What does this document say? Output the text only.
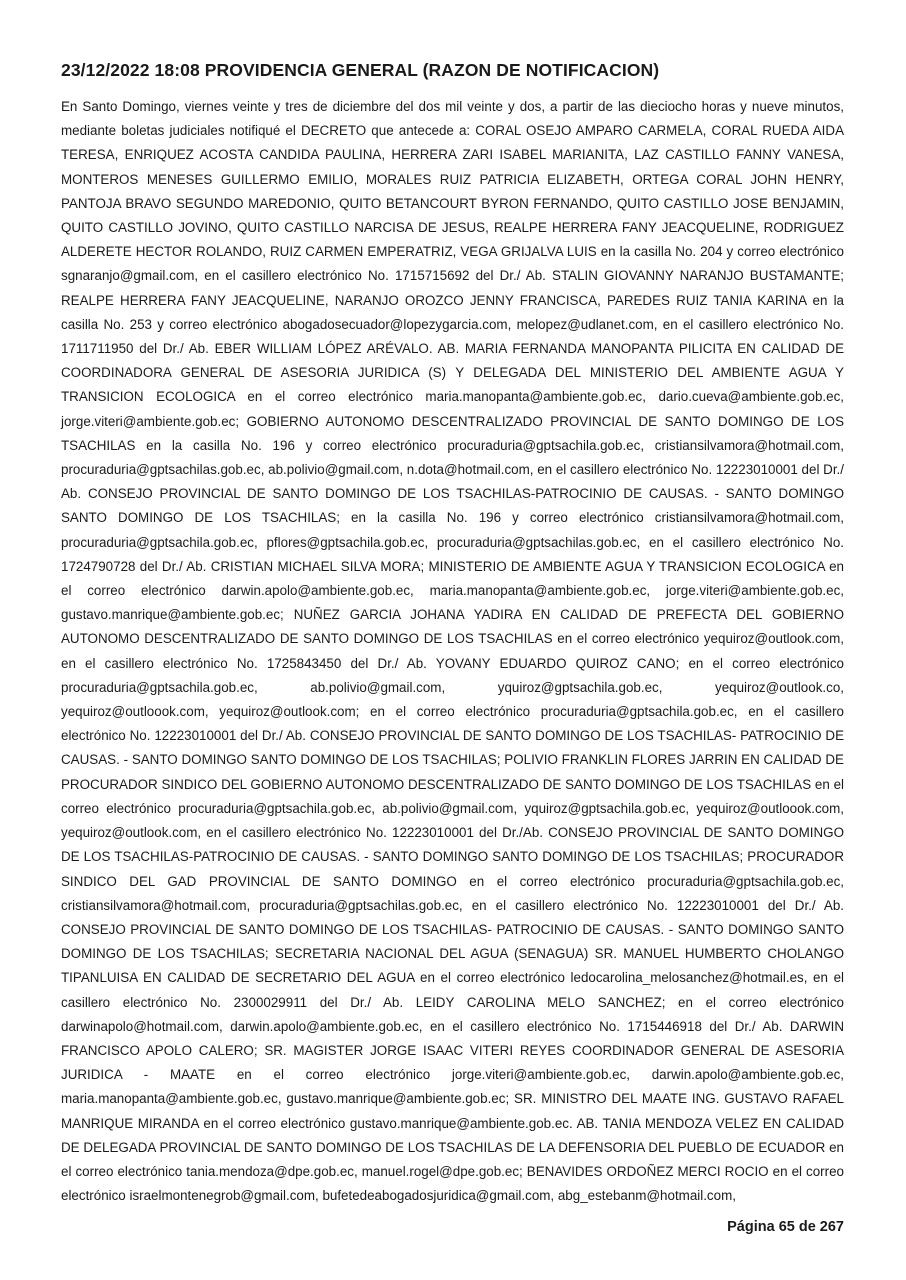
23/12/2022 18:08 PROVIDENCIA GENERAL (RAZON DE NOTIFICACION)

En Santo Domingo, viernes veinte y tres de diciembre del dos mil veinte y dos, a partir de las dieciocho horas y nueve minutos, mediante boletas judiciales notifiqué el DECRETO que antecede a: CORAL OSEJO AMPARO CARMELA, CORAL RUEDA AIDA TERESA, ENRIQUEZ ACOSTA CANDIDA PAULINA, HERRERA ZARI ISABEL MARIANITA, LAZ CASTILLO FANNY VANESA, MONTEROS MENESES GUILLERMO EMILIO, MORALES RUIZ PATRICIA ELIZABETH, ORTEGA CORAL JOHN HENRY, PANTOJA BRAVO SEGUNDO MAREDONIO, QUITO BETANCOURT BYRON FERNANDO, QUITO CASTILLO JOSE BENJAMIN, QUITO CASTILLO JOVINO, QUITO CASTILLO NARCISA DE JESUS, REALPE HERRERA FANY JEACQUELINE, RODRIGUEZ ALDERETE HECTOR ROLANDO, RUIZ CARMEN EMPERATRIZ, VEGA GRIJALVA LUIS en la casilla No. 204 y correo electrónico sgnaranjo@gmail.com, en el casillero electrónico No. 1715715692 del Dr./ Ab. STALIN GIOVANNY NARANJO BUSTAMANTE; REALPE HERRERA FANY JEACQUELINE, NARANJO OROZCO JENNY FRANCISCA, PAREDES RUIZ TANIA KARINA en la casilla No. 253 y correo electrónico abogadosecuador@lopezygarcia.com, melopez@udlanet.com, en el casillero electrónico No. 1711711950 del Dr./ Ab. EBER WILLIAM LÓPEZ ARÉVALO. AB. MARIA FERNANDA MANOPANTA PILICITA EN CALIDAD DE COORDINADORA GENERAL DE ASESORIA JURIDICA (S) Y DELEGADA DEL MINISTERIO DEL AMBIENTE AGUA Y TRANSICION ECOLOGICA en el correo electrónico maria.manopanta@ambiente.gob.ec, dario.cueva@ambiente.gob.ec, jorge.viteri@ambiente.gob.ec; GOBIERNO AUTONOMO DESCENTRALIZADO PROVINCIAL DE SANTO DOMINGO DE LOS TSACHILAS en la casilla No. 196 y correo electrónico procuraduria@gptsachila.gob.ec, cristiansilvamora@hotmail.com, procuraduria@gptsachilas.gob.ec, ab.polivio@gmail.com, n.dota@hotmail.com, en el casillero electrónico No. 12223010001 del Dr./ Ab. CONSEJO PROVINCIAL DE SANTO DOMINGO DE LOS TSACHILAS-PATROCINIO DE CAUSAS. - SANTO DOMINGO SANTO DOMINGO DE LOS TSACHILAS; en la casilla No. 196 y correo electrónico cristiansilvamora@hotmail.com, procuraduria@gptsachila.gob.ec, pflores@gptsachila.gob.ec, procuraduria@gptsachilas.gob.ec, en el casillero electrónico No. 1724790728 del Dr./ Ab. CRISTIAN MICHAEL SILVA MORA; MINISTERIO DE AMBIENTE AGUA Y TRANSICION ECOLOGICA en el correo electrónico darwin.apolo@ambiente.gob.ec, maria.manopanta@ambiente.gob.ec, jorge.viteri@ambiente.gob.ec, gustavo.manrique@ambiente.gob.ec; NUÑEZ GARCIA JOHANA YADIRA EN CALIDAD DE PREFECTA DEL GOBIERNO AUTONOMO DESCENTRALIZADO DE SANTO DOMINGO DE LOS TSACHILAS en el correo electrónico yequiroz@outlook.com, en el casillero electrónico No. 1725843450 del Dr./ Ab. YOVANY EDUARDO QUIROZ CANO; en el correo electrónico procuraduria@gptsachila.gob.ec, ab.polivio@gmail.com, yquiroz@gptsachila.gob.ec, yequiroz@outlook.co, yequiroz@outloook.com, yequiroz@outlook.com; en el correo electrónico procuraduria@gptsachila.gob.ec, en el casillero electrónico No. 12223010001 del Dr./ Ab. CONSEJO PROVINCIAL DE SANTO DOMINGO DE LOS TSACHILAS- PATROCINIO DE CAUSAS. - SANTO DOMINGO SANTO DOMINGO DE LOS TSACHILAS; POLIVIO FRANKLIN FLORES JARRIN EN CALIDAD DE PROCURADOR SINDICO DEL GOBIERNO AUTONOMO DESCENTRALIZADO DE SANTO DOMINGO DE LOS TSACHILAS en el correo electrónico procuraduria@gptsachila.gob.ec, ab.polivio@gmail.com, yquiroz@gptsachila.gob.ec, yequiroz@outloook.com, yequiroz@outlook.com, en el casillero electrónico No. 12223010001 del Dr./Ab. CONSEJO PROVINCIAL DE SANTO DOMINGO DE LOS TSACHILAS-PATROCINIO DE CAUSAS. - SANTO DOMINGO SANTO DOMINGO DE LOS TSACHILAS; PROCURADOR SINDICO DEL GAD PROVINCIAL DE SANTO DOMINGO en el correo electrónico procuraduria@gptsachila.gob.ec, cristiansilvamora@hotmail.com, procuraduria@gptsachilas.gob.ec, en el casillero electrónico No. 12223010001 del Dr./ Ab. CONSEJO PROVINCIAL DE SANTO DOMINGO DE LOS TSACHILAS- PATROCINIO DE CAUSAS. - SANTO DOMINGO SANTO DOMINGO DE LOS TSACHILAS; SECRETARIA NACIONAL DEL AGUA (SENAGUA) SR. MANUEL HUMBERTO CHOLANGO TIPANLUISA EN CALIDAD DE SECRETARIO DEL AGUA en el correo electrónico ledocarolina_melosanchez@hotmail.es, en el casillero electrónico No. 2300029911 del Dr./ Ab. LEIDY CAROLINA MELO SANCHEZ; en el correo electrónico darwinapolo@hotmail.com, darwin.apolo@ambiente.gob.ec, en el casillero electrónico No. 1715446918 del Dr./ Ab. DARWIN FRANCISCO APOLO CALERO; SR. MAGISTER JORGE ISAAC VITERI REYES COORDINADOR GENERAL DE ASESORIA JURIDICA - MAATE en el correo electrónico jorge.viteri@ambiente.gob.ec, darwin.apolo@ambiente.gob.ec, maria.manopanta@ambiente.gob.ec, gustavo.manrique@ambiente.gob.ec; SR. MINISTRO DEL MAATE ING. GUSTAVO RAFAEL MANRIQUE MIRANDA en el correo electrónico gustavo.manrique@ambiente.gob.ec. AB. TANIA MENDOZA VELEZ EN CALIDAD DE DELEGADA PROVINCIAL DE SANTO DOMINGO DE LOS TSACHILAS DE LA DEFENSORIA DEL PUEBLO DE ECUADOR en el correo electrónico tania.mendoza@dpe.gob.ec, manuel.rogel@dpe.gob.ec; BENAVIDES ORDOÑEZ MERCI ROCIO en el correo electrónico israelmontenegrob@gmail.com, bufetedeabogadosjuridica@gmail.com, abg_estebanm@hotmail.com,

Página 65 de 267
